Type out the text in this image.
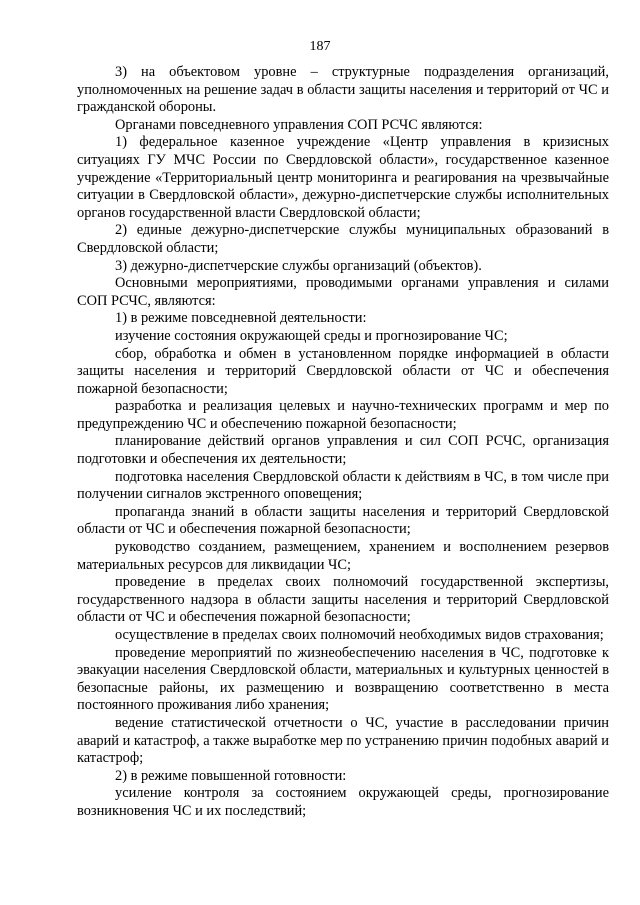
187

3) на объектовом уровне – структурные подразделения организаций, уполномоченных на решение задач в области защиты населения и территорий от ЧС и гражданской обороны.

Органами повседневного управления СОП РСЧС являются:

1) федеральное казенное учреждение «Центр управления в кризисных ситуациях ГУ МЧС России по Свердловской области», государственное казенное учреждение «Территориальный центр мониторинга и реагирования на чрезвычайные ситуации в Свердловской области», дежурно-диспетчерские службы исполнительных органов государственной власти Свердловской области;

2) единые дежурно-диспетчерские службы муниципальных образований в Свердловской области;

3) дежурно-диспетчерские службы организаций (объектов).

Основными мероприятиями, проводимыми органами управления и силами СОП РСЧС, являются:

1) в режиме повседневной деятельности:

изучение состояния окружающей среды и прогнозирование ЧС;

сбор, обработка и обмен в установленном порядке информацией в области защиты населения и территорий Свердловской области от ЧС и обеспечения пожарной безопасности;

разработка и реализация целевых и научно-технических программ и мер по предупреждению ЧС и обеспечению пожарной безопасности;

планирование действий органов управления и сил СОП РСЧС, организация подготовки и обеспечения их деятельности;

подготовка населения Свердловской области к действиям в ЧС, в том числе при получении сигналов экстренного оповещения;

пропаганда знаний в области защиты населения и территорий Свердловской области от ЧС и обеспечения пожарной безопасности;

руководство созданием, размещением, хранением и восполнением резервов материальных ресурсов для ликвидации ЧС;

проведение в пределах своих полномочий государственной экспертизы, государственного надзора в области защиты населения и территорий Свердловской области от ЧС и обеспечения пожарной безопасности;

осуществление в пределах своих полномочий необходимых видов страхования;

проведение мероприятий по жизнеобеспечению населения в ЧС, подготовке к эвакуации населения Свердловской области, материальных и культурных ценностей в безопасные районы, их размещению и возвращению соответственно в места постоянного проживания либо хранения;

ведение статистической отчетности о ЧС, участие в расследовании причин аварий и катастроф, а также выработке мер по устранению причин подобных аварий и катастроф;

2) в режиме повышенной готовности:

усиление контроля за состоянием окружающей среды, прогнозирование возникновения ЧС и их последствий;
